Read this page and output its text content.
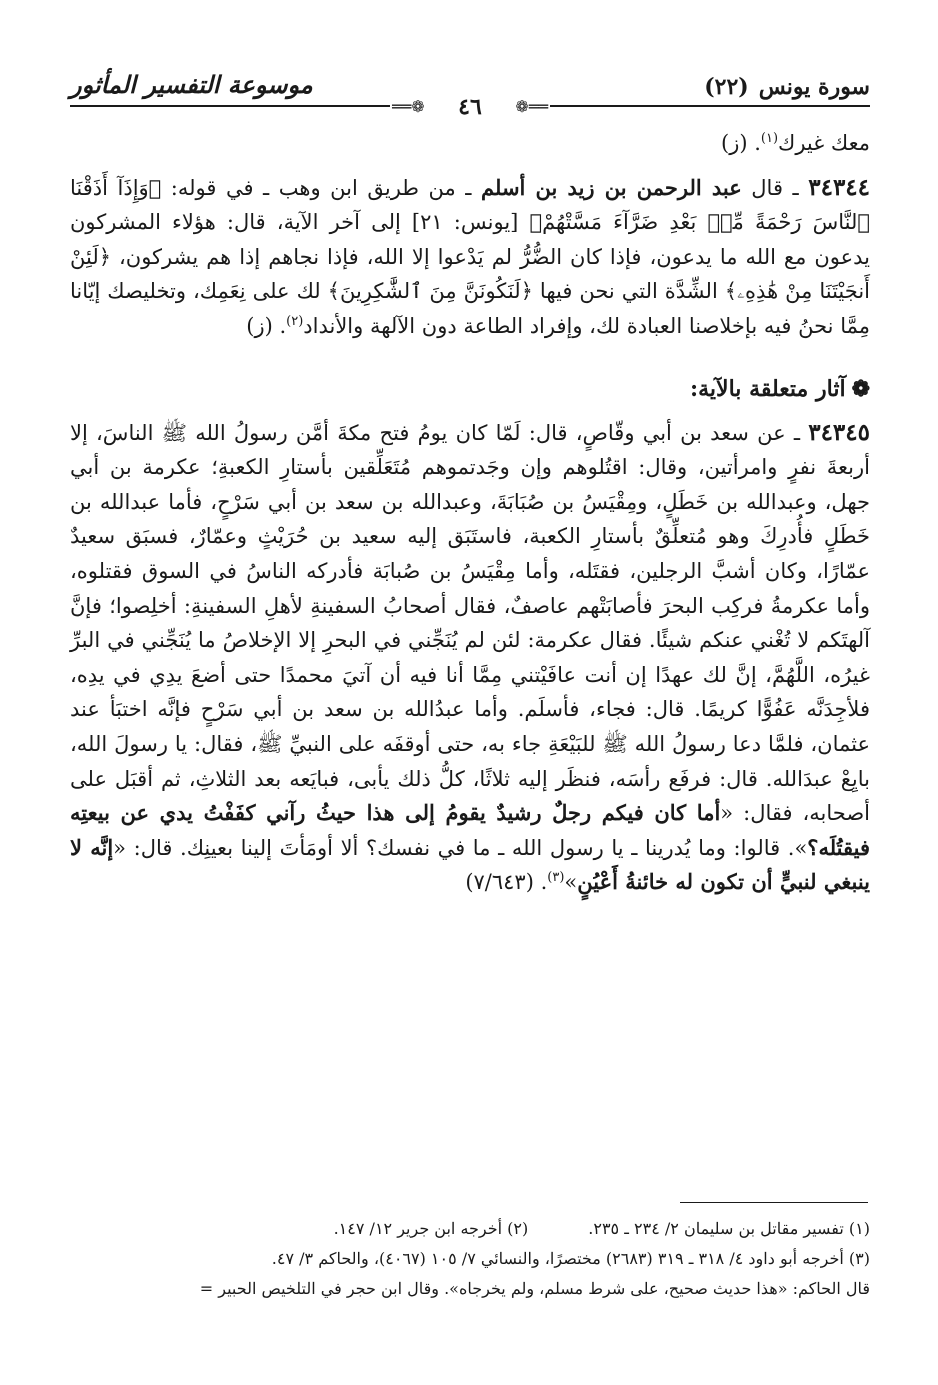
سورة يونس
(٢٢)
موسوعة التفسير المأثور
══❁
❁══	٤٦

معك غيرك$^{(١)}$. (ز)

٣٤٣٤٤ ـ قال عبد الرحمن بن زيد بن أسلم ـ من طريق ابن وهب ـ في قوله: ﴿وَإِذَآ أَذَقْنَا ٱلنَّاسَ رَحْمَةً مِّنۢ بَعْدِ ضَرَّآءَ مَسَّتْهُمْ﴾ [يونس: ٢١] إلى آخر الآية، قال: هؤلاء المشركون يدعون مع الله ما يدعون، فإذا كان الضُّرُّ لم يَدْعوا إلا الله، فإذا نجاهم إذا هم يشركون، ﴿لَئِنْ أَنجَيْتَنَا مِنْ هَٰذِهِۦ﴾ الشِّدَّة التي نحن فيها ﴿لَنَكُونَنَّ مِنَ ٱلشَّٰكِرِينَ﴾ لك على نِعَمِك، وتخليصك إيّانا مِمَّا نحنُ فيه بإخلاصنا العبادة لك، وإفراد الطاعة دون الآلهة والأنداد$^{(٢)}$. (ز)

❁آثار متعلقة بالآية:

٣٤٣٤٥ ـ عن سعد بن أبي وقّاصٍ، قال: لَمّا كان يومُ فتح مكةَ أمَّن رسولُ الله ﷺ الناسَ، إلا أربعةَ نفرٍ وامرأتين، وقال: اقتُلوهم وإن وجَدتموهم مُتَعَلِّقين بأستارِ الكعبةِ؛ عكرمة بن أبي جهل، وعبدالله بن خَطَلٍ، ومِقْيَسُ بن صُبَابَةَ، وعبدالله بن سعد بن أبي سَرْحٍ، فأما عبدالله بن خَطَلٍ فأُدرِكَ وهو مُتعلِّقٌ بأستارِ الكعبة، فاستَبَق إليه سعيد بن حُرَيْثٍ وعمّارٌ، فسبَق سعيدٌ عمّارًا، وكان أشبَّ الرجلين، فقتَله، وأما مِقْيَسُ بن صُبابَة فأدركه الناسُ في السوق فقتلوه، وأما عكرمةُ فركِب البحرَ فأصابَتْهم عاصفٌ، فقال أصحابُ السفينةِ لأهلِ السفينةِ: أخلِصوا؛ فإنَّ آلهتَكم لا تُغْني عنكم شيئًا. فقال عكرمة: لئن لم يُنَجِّني في البحرِ إلا الإخلاصُ ما يُنَجِّني في البرِّ غيرُه، اللَّهُمَّ، إنَّ لك عهدًا إن أنت عافَيْتني مِمَّا أنا فيه أن آتيَ محمدًا حتى أضعَ يدِي في يدِه، فلأجِدَنَّه عَفُوًّا كريمًا. قال: فجاء، فأسلَم. وأما عبدُالله بن سعد بن أبي سَرْحٍ فإنَّه اختبَأ عند عثمان، فلمَّا دعا رسولُ الله ﷺ للبَيْعَةِ جاء به، حتى أوقفَه على النبيِّ ﷺ، فقال: يا رسولَ الله، بايِعْ عبدَالله. قال: فرفَع رأسَه، فنظَر إليه ثلاثًا، كلُّ ذلك يأبى، فبايَعه بعد الثلاثِ، ثم أقبَل على أصحابه، فقال: «أما كان فيكم رجلٌ رشيدٌ يقومُ إلى هذا حيثُ رآني كفَفْتُ يدي عن بيعتِه فيقتُلَه؟». قالوا: وما يُدرينا ـ يا رسول الله ـ ما في نفسك؟ ألا أومَأتَ إلينا بعينِك. قال: «إنَّه لا ينبغي لنبيٍّ أن تكون له خائنةُ أَعْيُنٍ»$^{(٣)}$. (٧/٦٤٣)

(١) تفسير مقاتل بن سليمان ٢/ ٢٣٤ ـ ٢٣٥.

(٢) أخرجه ابن جرير ١٢/ ١٤٧.

(٣) أخرجه أبو داود ٤/ ٣١٨ ـ ٣١٩ (٢٦٨٣) مختصرًا، والنسائي ٧/ ١٠٥ (٤٠٦٧)، والحاكم ٣/ ٤٧.

قال الحاكم: «هذا حديث صحيح، على شرط مسلم، ولم يخرجاه». وقال ابن حجر في التلخيص الحبير =
